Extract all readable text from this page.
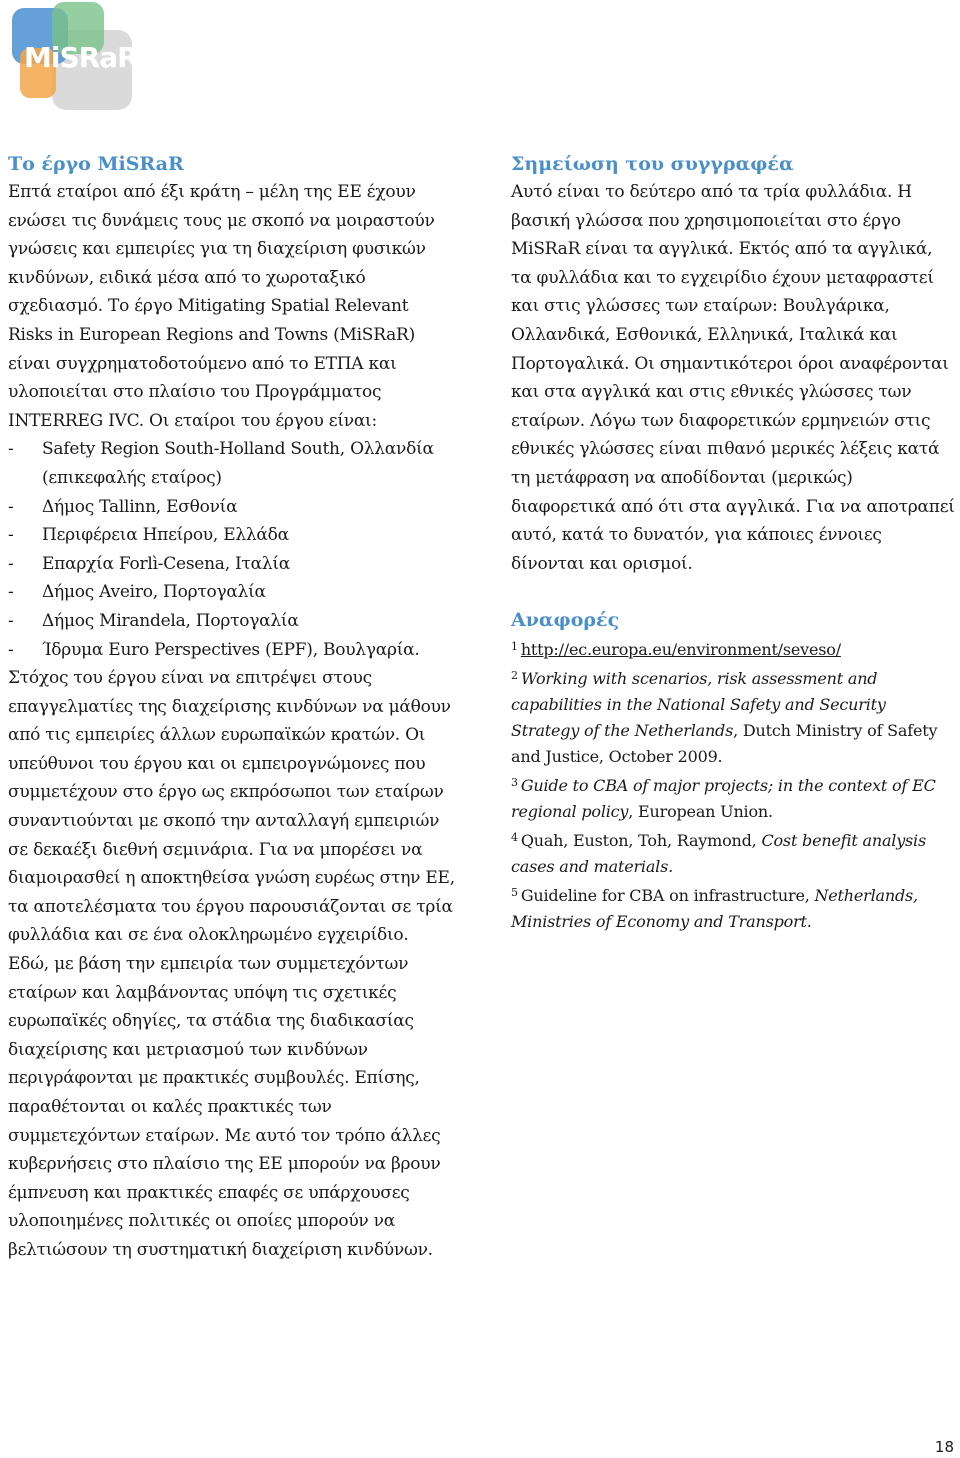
MiSRaR
Το έργο MiSRaR

Επτά εταίροι από έξι κράτη – μέλη της ΕΕ έχουν ενώσει τις δυνάμεις τους με σκοπό να μοιραστούν γνώσεις και εμπειρίες για τη διαχείριση φυσικών κινδύνων, ειδικά μέσα από το χωροταξικό σχεδιασμό. Το έργο Mitigating Spatial Relevant Risks in European Regions and Towns (MiSRaR) είναι συγχρηματοδοτούμενο από το ΕΤΠΑ και υλοποιείται στο πλαίσιο του Προγράμματος INTERREG IVC. Οι εταίροι του έργου είναι:

- Safety Region South-Holland South, Ολλανδία (επικεφαλής εταίρος)
- Δήμος Tallinn, Εσθονία
- Περιφέρεια Ηπείρου, Ελλάδα
- Επαρχία Forlì-Cesena, Ιταλία
- Δήμος Aveiro, Πορτογαλία
- Δήμος Mirandela, Πορτογαλία
- Ίδρυμα Euro Perspectives (EPF), Βουλγαρία.

Στόχος του έργου είναι να επιτρέψει στους επαγγελματίες της διαχείρισης κινδύνων να μάθουν από τις εμπειρίες άλλων ευρωπαϊκών κρατών. Οι υπεύθυνοι του έργου και οι εμπειρογνώμονες που συμμετέχουν στο έργο ως εκπρόσωποι των εταίρων συναντιούνται με σκοπό την ανταλλαγή εμπειριών σε δεκαέξι διεθνή σεμινάρια. Για να μπορέσει να διαμοιρασθεί η αποκτηθείσα γνώση ευρέως στην ΕΕ, τα αποτελέσματα του έργου παρουσιάζονται σε τρία φυλλάδια και σε ένα ολοκληρωμένο εγχειρίδιο.

Εδώ, με βάση την εμπειρία των συμμετεχόντων εταίρων και λαμβάνοντας υπόψη τις σχετικές ευρωπαϊκές οδηγίες, τα στάδια της διαδικασίας διαχείρισης και μετριασμού των κινδύνων περιγράφονται με πρακτικές συμβουλές. Επίσης, παραθέτονται οι καλές πρακτικές των συμμετεχόντων εταίρων. Με αυτό τον τρόπο άλλες κυβερνήσεις στο πλαίσιο της ΕΕ μπορούν να βρουν έμπνευση και πρακτικές επαφές σε υπάρχουσες υλοποιημένες πολιτικές οι οποίες μπορούν να βελτιώσουν τη συστηματική διαχείριση κινδύνων.

Σημείωση του συγγραφέα

Αυτό είναι το δεύτερο από τα τρία φυλλάδια. Η βασική γλώσσα που χρησιμοποιείται στο έργο MiSRaR είναι τα αγγλικά. Εκτός από τα αγγλικά, τα φυλλάδια και το εγχειρίδιο έχουν μεταφραστεί και στις γλώσσες των εταίρων: Βουλγάρικα, Ολλανδικά, Εσθονικά, Ελληνικά, Ιταλικά και Πορτογαλικά. Οι σημαντικότεροι όροι αναφέρονται και στα αγγλικά και στις εθνικές γλώσσες των εταίρων. Λόγω των διαφορετικών ερμηνειών στις εθνικές γλώσσες είναι πιθανό μερικές λέξεις κατά τη μετάφραση να αποδίδονται (μερικώς) διαφορετικά από ότι στα αγγλικά. Για να αποτραπεί αυτό, κατά το δυνατόν, για κάποιες έννοιες δίνονται και ορισμοί.

Αναφορές

$^1$ http://ec.europa.eu/environment/seveso/

$^2$ Working with scenarios, risk assessment and capabilities in the National Safety and Security Strategy of the Netherlands, Dutch Ministry of Safety and Justice, October 2009.

$^3$ Guide to CBA of major projects; in the context of EC regional policy, European Union.

$^4$ Quah, Euston, Toh, Raymond, Cost benefit analysis cases and materials.

$^5$ Guideline for CBA on infrastructure, Netherlands, Ministries of Economy and Transport.

18
